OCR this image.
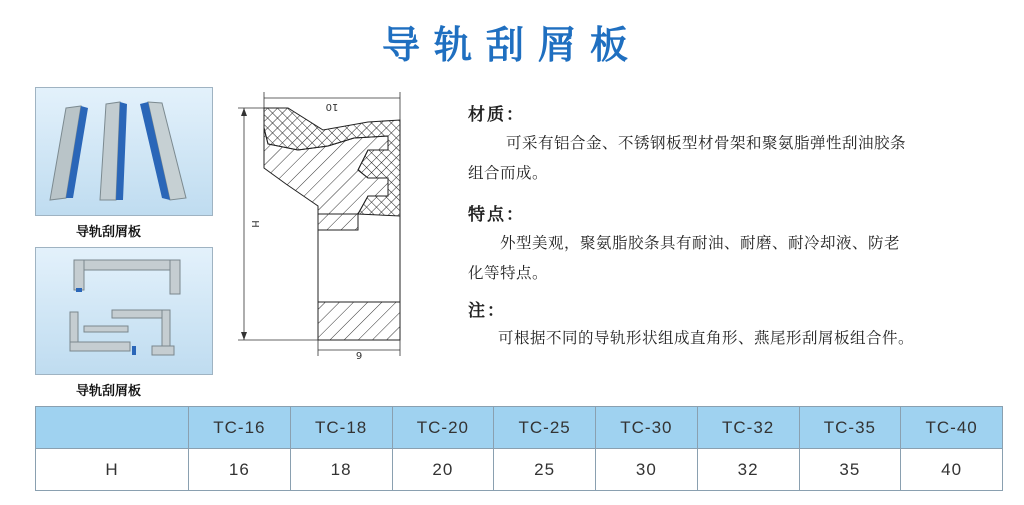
导轨刮屑板
导轨刮屑板
导轨刮屑板
10
H
6
材质：
可采有铝合金、不锈钢板型材骨架和聚氨脂弹性刮油胶条
组合而成。
特点：
外型美观，聚氨脂胶条具有耐油、耐磨、耐冷却液、防老
化等特点。
注：
可根据不同的导轨形状组成直角形、燕尾形刮屑板组合件。
	TC-16	TC-18	TC-20	TC-25	TC-30	TC-32	TC-35	TC-40
H	16	18	20	25	30	32	35	40
